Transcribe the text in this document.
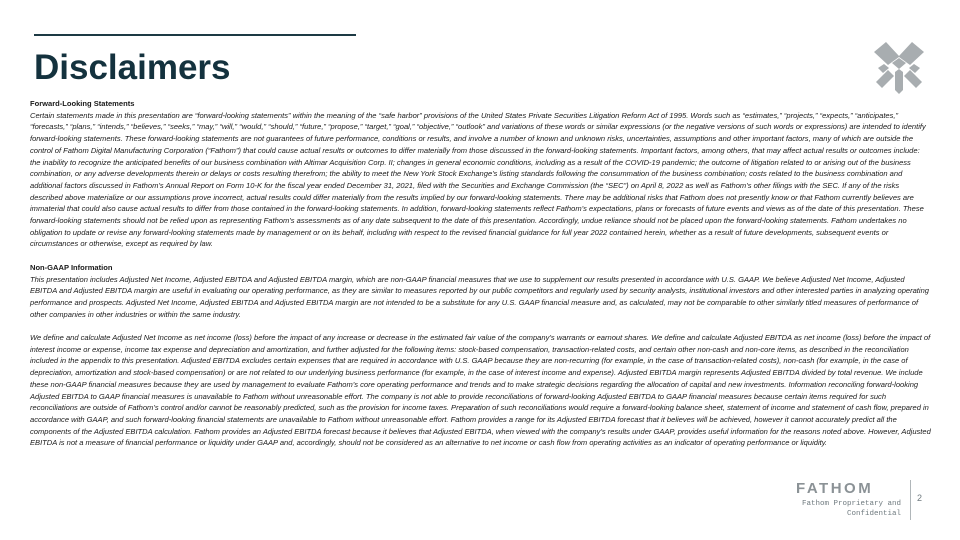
Disclaimers

Forward-Looking Statements

Certain statements made in this presentation are “forward-looking statements” within the meaning of the “safe harbor” provisions of the United States Private Securities Litigation Reform Act of 1995. Words such as “estimates,” “projects,” “expects,” “anticipates,” “forecasts,” “plans,” “intends,” “believes,” “seeks,” “may,” “will,” “would,” “should,” “future,” “propose,” “target,” “goal,” “objective,” “outlook” and variations of these words or similar expressions (or the negative versions of such words or expressions) are intended to identify forward-looking statements. These forward-looking statements are not guarantees of future performance, conditions or results, and involve a number of known and unknown risks, uncertainties, assumptions and other important factors, many of which are outside the control of Fathom Digital Manufacturing Corporation (“Fathom”) that could cause actual results or outcomes to differ materially from those discussed in the forward-looking statements. Important factors, among others, that may affect actual results or outcomes include: the inability to recognize the anticipated benefits of our business combination with Altimar Acquisition Corp. II; changes in general economic conditions, including as a result of the COVID-19 pandemic; the outcome of litigation related to or arising out of the business combination, or any adverse developments therein or delays or costs resulting therefrom; the ability to meet the New York Stock Exchange’s listing standards following the consummation of the business combination; costs related to the business combination and additional factors discussed in Fathom’s Annual Report on Form 10-K for the fiscal year ended December 31, 2021, filed with the Securities and Exchange Commission (the “SEC”) on April 8, 2022 as well as Fathom’s other filings with the SEC. If any of the risks described above materialize or our assumptions prove incorrect, actual results could differ materially from the results implied by our forward-looking statements. There may be additional risks that Fathom does not presently know or that Fathom currently believes are immaterial that could also cause actual results to differ from those contained in the forward-looking statements. In addition, forward-looking statements reflect Fathom’s expectations, plans or forecasts of future events and views as of the date of this presentation. These forward-looking statements should not be relied upon as representing Fathom’s assessments as of any date subsequent to the date of this presentation. Accordingly, undue reliance should not be placed upon the forward-looking statements. Fathom undertakes no obligation to update or revise any forward-looking statements made by management or on its behalf, including with respect to the revised financial guidance for full year 2022 contained herein, whether as a result of future developments, subsequent events or circumstances or otherwise, except as required by law.

Non-GAAP Information

This presentation includes Adjusted Net Income, Adjusted EBITDA and Adjusted EBITDA margin, which are non-GAAP financial measures that we use to supplement our results presented in accordance with U.S. GAAP. We believe Adjusted Net Income, Adjusted EBITDA and Adjusted EBITDA margin are useful in evaluating our operating performance, as they are similar to measures reported by our public competitors and regularly used by security analysts, institutional investors and other interested parties in analyzing operating performance and prospects. Adjusted Net Income, Adjusted EBITDA and Adjusted EBITDA margin are not intended to be a substitute for any U.S. GAAP financial measure and, as calculated, may not be comparable to other similarly titled measures of performance of other companies in other industries or within the same industry.

We define and calculate Adjusted Net Income as net income (loss) before the impact of any increase or decrease in the estimated fair value of the company’s warrants or earnout shares. We define and calculate Adjusted EBITDA as net income (loss) before the impact of interest income or expense, income tax expense and depreciation and amortization, and further adjusted for the following items: stock-based compensation, transaction-related costs, and certain other non-cash and non-core items, as described in the reconciliation included in the appendix to this presentation. Adjusted EBITDA excludes certain expenses that are required in accordance with U.S. GAAP because they are non-recurring (for example, in the case of transaction-related costs), non-cash (for example, in the case of depreciation, amortization and stock-based compensation) or are not related to our underlying business performance (for example, in the case of interest income and expense). Adjusted EBITDA margin represents Adjusted EBITDA divided by total revenue. We include these non-GAAP financial measures because they are used by management to evaluate Fathom’s core operating performance and trends and to make strategic decisions regarding the allocation of capital and new investments. Information reconciling forward-looking Adjusted EBITDA to GAAP financial measures is unavailable to Fathom without unreasonable effort. The company is not able to provide reconciliations of forward-looking Adjusted EBITDA to GAAP financial measures because certain items required for such reconciliations are outside of Fathom’s control and/or cannot be reasonably predicted, such as the provision for income taxes. Preparation of such reconciliations would require a forward-looking balance sheet, statement of income and statement of cash flow, prepared in accordance with GAAP, and such forward-looking financial statements are unavailable to Fathom without unreasonable effort. Fathom provides a range for its Adjusted EBITDA forecast that it believes will be achieved, however it cannot accurately predict all the components of the Adjusted EBITDA calculation. Fathom provides an Adjusted EBITDA forecast because it believes that Adjusted EBITDA, when viewed with the company’s results under GAAP, provides useful information for the reasons noted above. However, Adjusted EBITDA is not a measure of financial performance or liquidity under GAAP and, accordingly, should not be considered as an alternative to net income or cash flow from operating activities as an indicator of operating performance or liquidity.

FATHOM
Fathom Proprietary and Confidential
2
